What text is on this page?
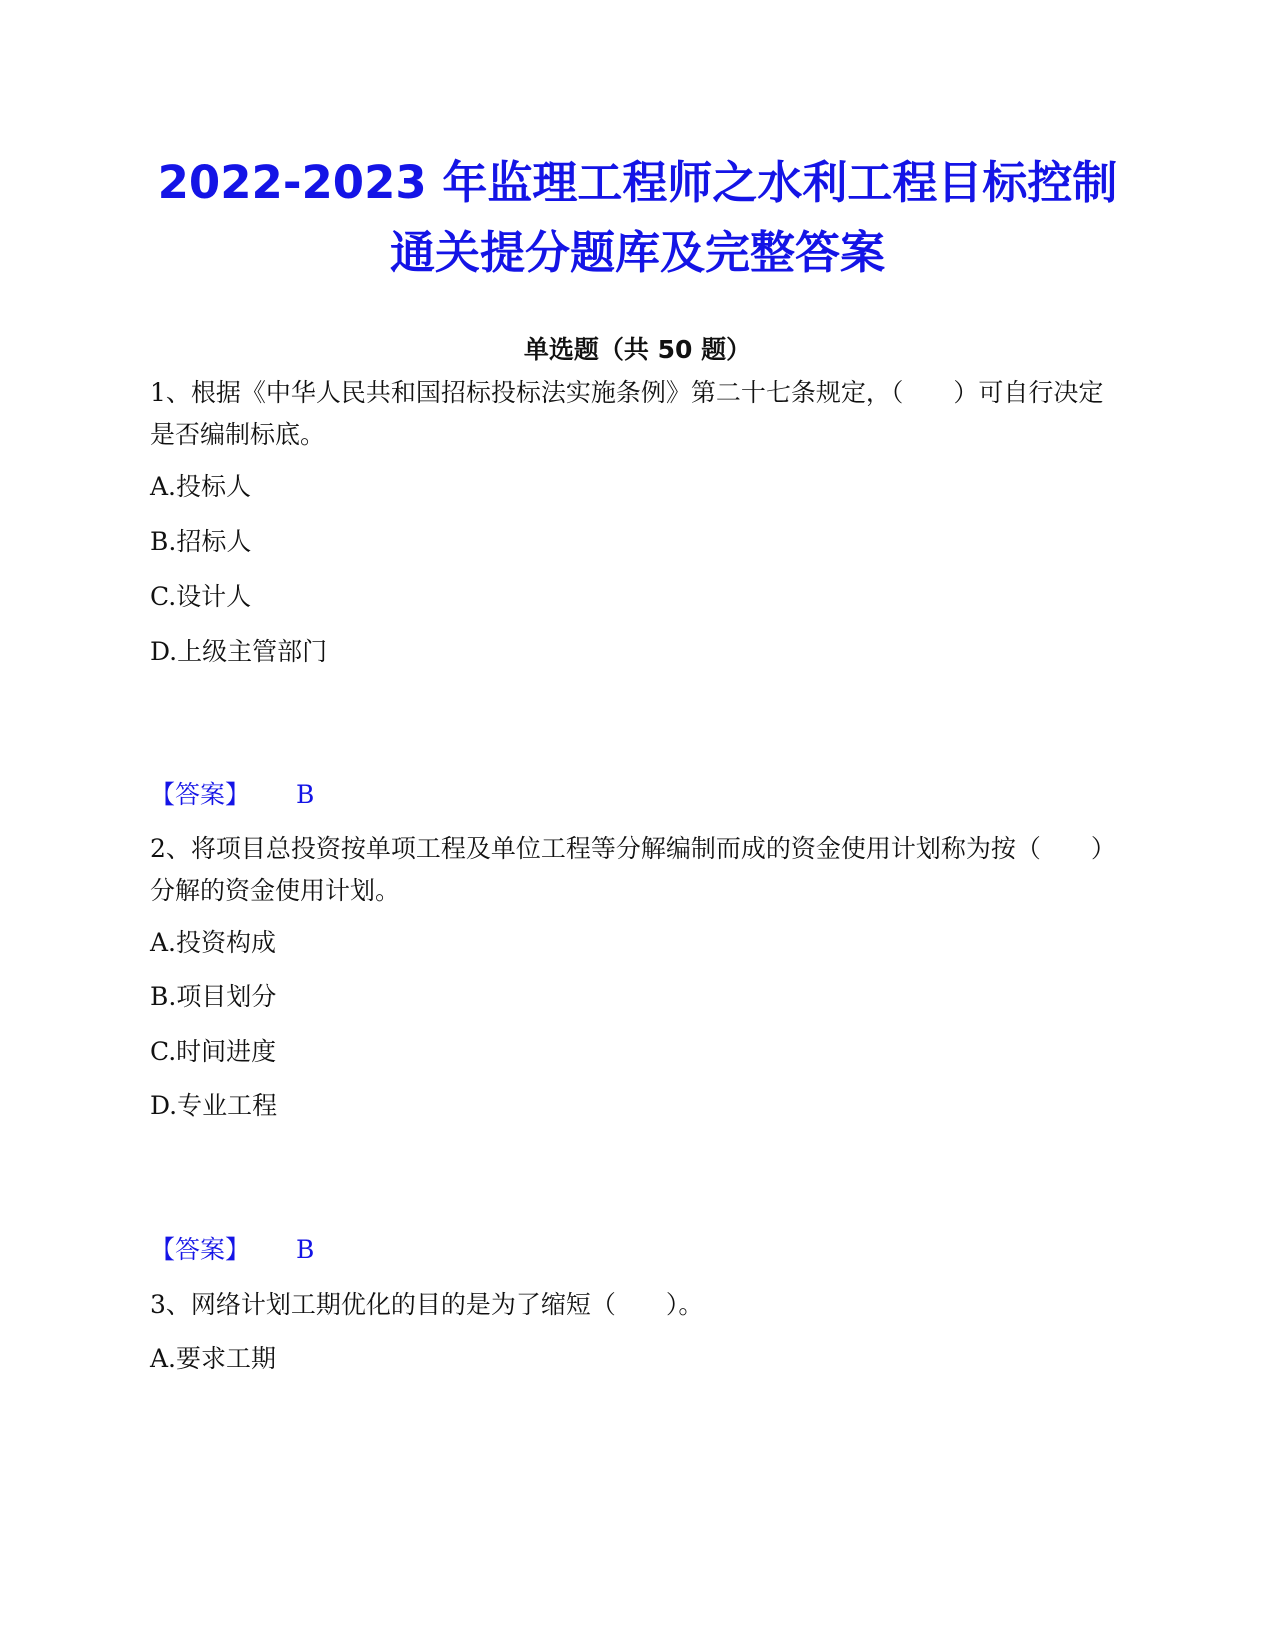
2022-2023 年监理工程师之水利工程目标控制通关提分题库及完整答案
单选题（共 50 题）

1、根据《中华人民共和国招标投标法实施条例》第二十七条规定，（　　）可自行决定是否编制标底。

A.投标人
B.招标人
C.设计人
D.上级主管部门
【答案】 B

2、将项目总投资按单项工程及单位工程等分解编制而成的资金使用计划称为按（　　）分解的资金使用计划。

A.投资构成
B.项目划分
C.时间进度
D.专业工程
【答案】 B

3、网络计划工期优化的目的是为了缩短（　　）。

A.要求工期
